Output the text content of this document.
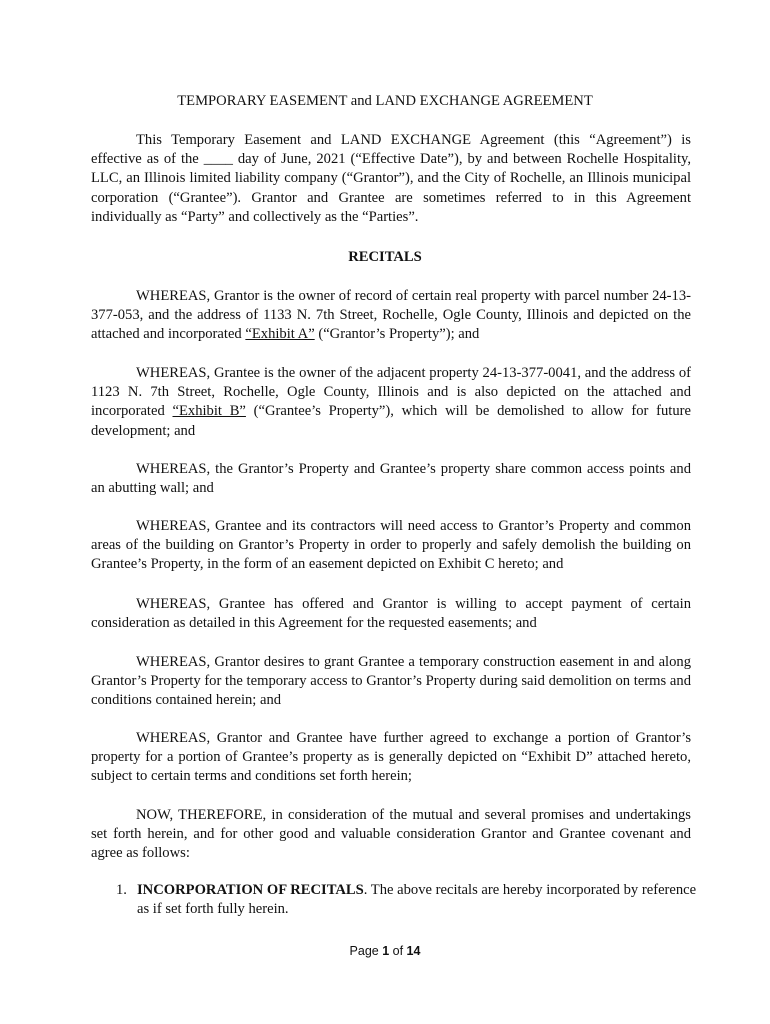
TEMPORARY EASEMENT and LAND EXCHANGE AGREEMENT

This Temporary Easement and LAND EXCHANGE Agreement (this “Agreement”) is effective as of the ____ day of June, 2021 (“Effective Date”), by and between Rochelle Hospitality, LLC, an Illinois limited liability company (“Grantor”), and the City of Rochelle, an Illinois municipal corporation (“Grantee”). Grantor and Grantee are sometimes referred to in this Agreement individually as “Party” and collectively as the “Parties”.

RECITALS

WHEREAS, Grantor is the owner of record of certain real property with parcel number 24-13-377-053, and the address of 1133 N. 7th Street, Rochelle, Ogle County, Illinois and depicted on the attached and incorporated “Exhibit A” (“Grantor’s Property”); and

WHEREAS, Grantee is the owner of the adjacent property 24-13-377-0041, and the address of 1123 N. 7th Street, Rochelle, Ogle County, Illinois and is also depicted on the attached and incorporated “Exhibit B” (“Grantee’s Property”), which will be demolished to allow for future development; and

WHEREAS, the Grantor’s Property and Grantee’s property share common access points and an abutting wall; and

WHEREAS, Grantee and its contractors will need access to Grantor’s Property and common areas of the building on Grantor’s Property in order to properly and safely demolish the building on Grantee’s Property, in the form of an easement depicted on Exhibit C hereto; and

WHEREAS, Grantee has offered and Grantor is willing to accept payment of certain consideration as detailed in this Agreement for the requested easements; and

WHEREAS, Grantor desires to grant Grantee a temporary construction easement in and along Grantor’s Property for the temporary access to Grantor’s Property during said demolition on terms and conditions contained herein; and

WHEREAS, Grantor and Grantee have further agreed to exchange a portion of Grantor’s property for a portion of Grantee’s property as is generally depicted on “Exhibit D” attached hereto, subject to certain terms and conditions set forth herein;

NOW, THEREFORE, in consideration of the mutual and several promises and undertakings set forth herein, and for other good and valuable consideration Grantor and Grantee covenant and agree as follows:

1. INCORPORATION OF RECITALS. The above recitals are hereby incorporated by reference as if set forth fully herein.

Page 1 of 14
